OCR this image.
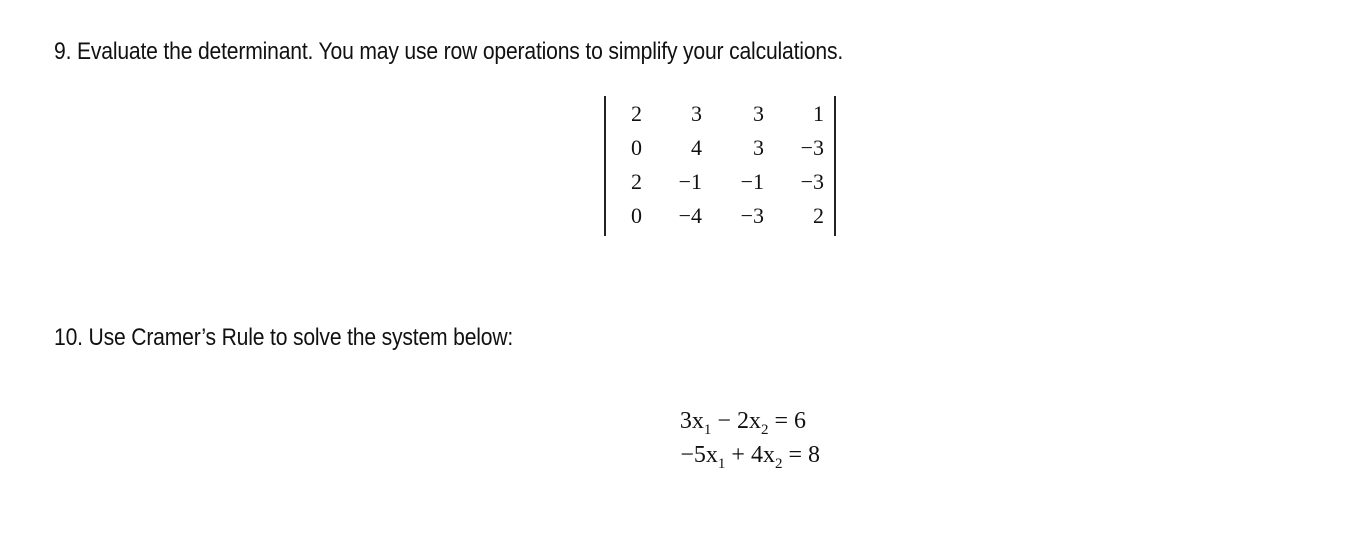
9. Evaluate the determinant. You may use row operations to simplify your calculations.
2	3	3	1
0	4	3	−3
2	−1	−1	−3
0	−4	−3	2
10. Use Cramer’s Rule to solve the system below:
$3x_1 - 2x_2 = 6$
$-5x_1 + 4x_2 = 8$
